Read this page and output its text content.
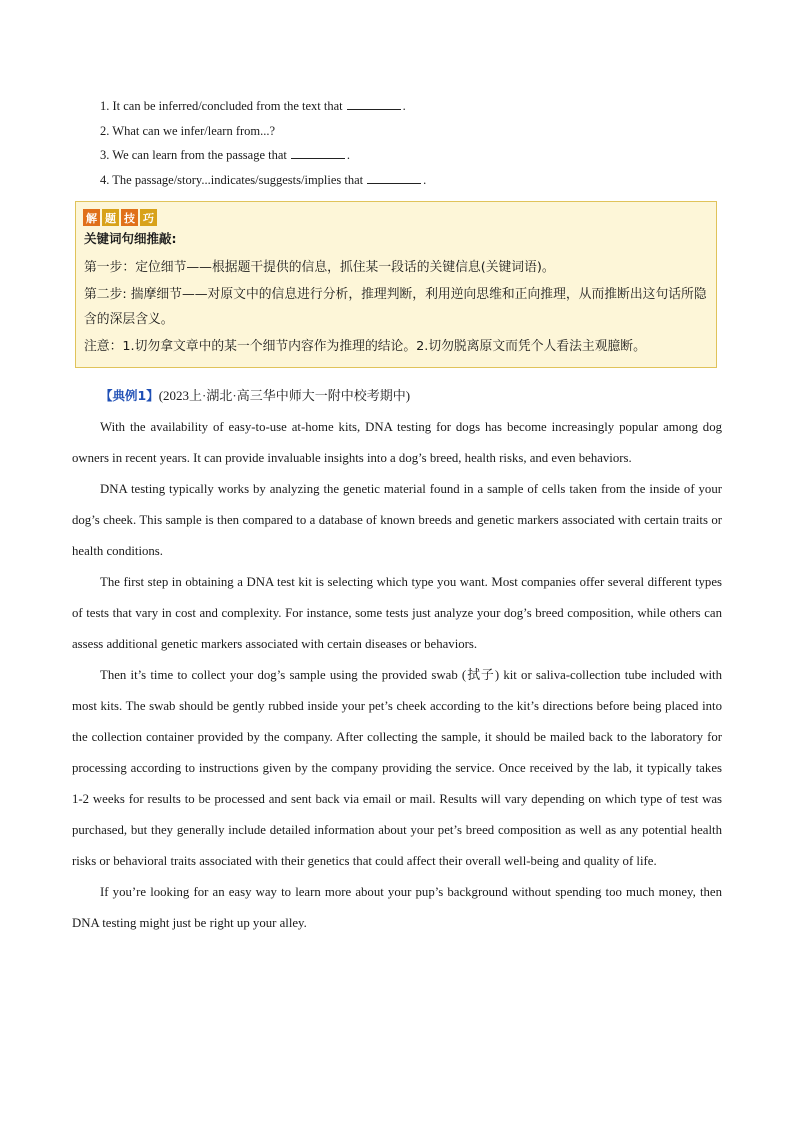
1. It can be inferred/concluded from the text that	.
2. What can we infer/learn from...?
3. We can learn from the passage that	.
4. The passage/story...indicates/suggests/implies that	.
解 题 技 巧
关键词句细推敲:
第一步：定位细节——根据题干提供的信息，抓住某一段话的关键信息(关键词语)。
第二步: 揣摩细节——对原文中的信息进行分析，推理判断，利用逆向思维和正向推理，从而推断出这句话所隐含的深层含义。
注意：1.切勿拿文章中的某一个细节内容作为推理的结论。2.切勿脱离原文而凭个人看法主观臆断。
【典例1】(2023上·湖北·高三华中师大一附中校考期中)

With the availability of easy-to-use at-home kits, DNA testing for dogs has become increasingly popular among dog owners in recent years. It can provide invaluable insights into a dog’s breed, health risks, and even behaviors.

DNA testing typically works by analyzing the genetic material found in a sample of cells taken from the inside of your dog’s cheek. This sample is then compared to a database of known breeds and genetic markers associated with certain traits or health conditions.

The first step in obtaining a DNA test kit is selecting which type you want. Most companies offer several different types of tests that vary in cost and complexity. For instance, some tests just analyze your dog’s breed composition, while others can assess additional genetic markers associated with certain diseases or behaviors.

Then it’s time to collect your dog’s sample using the provided swab (拭子) kit or saliva-collection tube included with most kits. The swab should be gently rubbed inside your pet’s cheek according to the kit’s directions before being placed into the collection container provided by the company. After collecting the sample, it should be mailed back to the laboratory for processing according to instructions given by the company providing the service. Once received by the lab, it typically takes 1-2 weeks for results to be processed and sent back via email or mail. Results will vary depending on which type of test was purchased, but they generally include detailed information about your pet’s breed composition as well as any potential health risks or behavioral traits associated with their genetics that could affect their overall well-being and quality of life.

If you’re looking for an easy way to learn more about your pup’s background without spending too much money, then DNA testing might just be right up your alley.
